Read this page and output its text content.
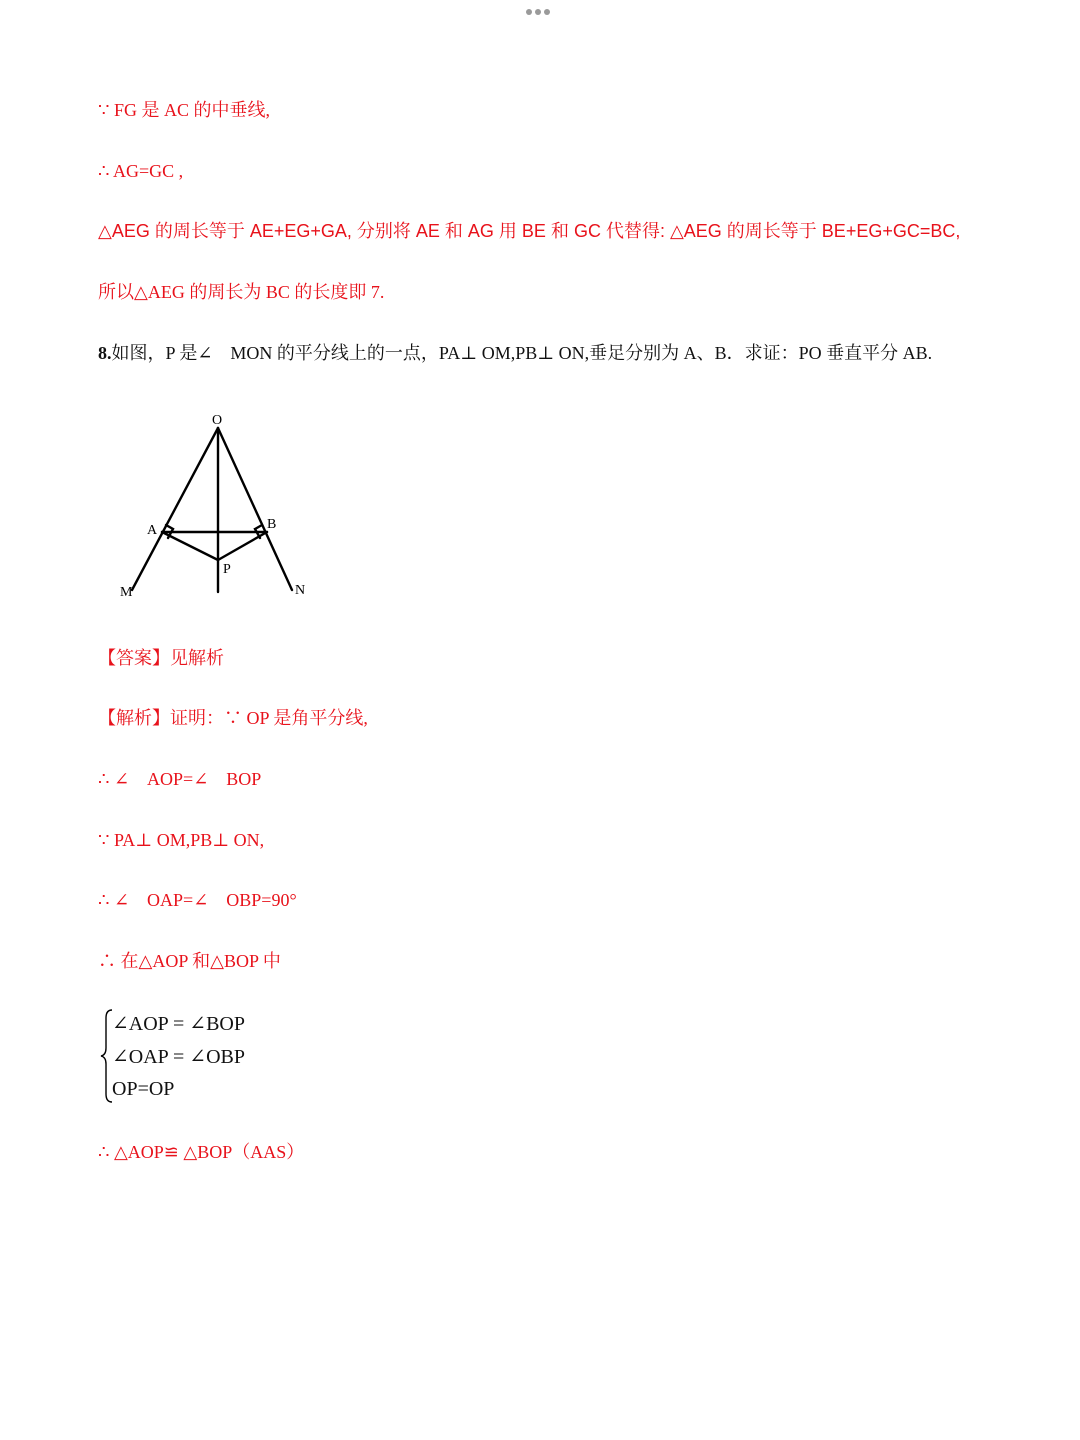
∵ FG 是 AC 的中垂线,
∴ AG=GC ,
△AEG 的周长等于 AE+EG+GA, 分别将 AE 和 AG 用 BE 和 GC 代替得: △AEG 的周长等于 BE+EG+GC=BC,
所以△AEG 的周长为 BC 的长度即 7.
8.如图，P 是∠　MON 的平分线上的一点，PA⊥ OM,PB⊥ ON,垂足分别为 A、B．求证：PO 垂直平分 AB.
O
A	B
P
M	N
【答案】见解析
【解析】证明：∵ OP 是角平分线,
∴ ∠　AOP=∠　BOP
∵ PA⊥ OM,PB⊥ ON,
∴ ∠　OAP=∠　OBP=90°
∴ 在△AOP 和△BOP 中
∠AOP = ∠BOP
∠OAP = ∠OBP
OP=OP
∴ △AOP≌ △BOP（AAS）
